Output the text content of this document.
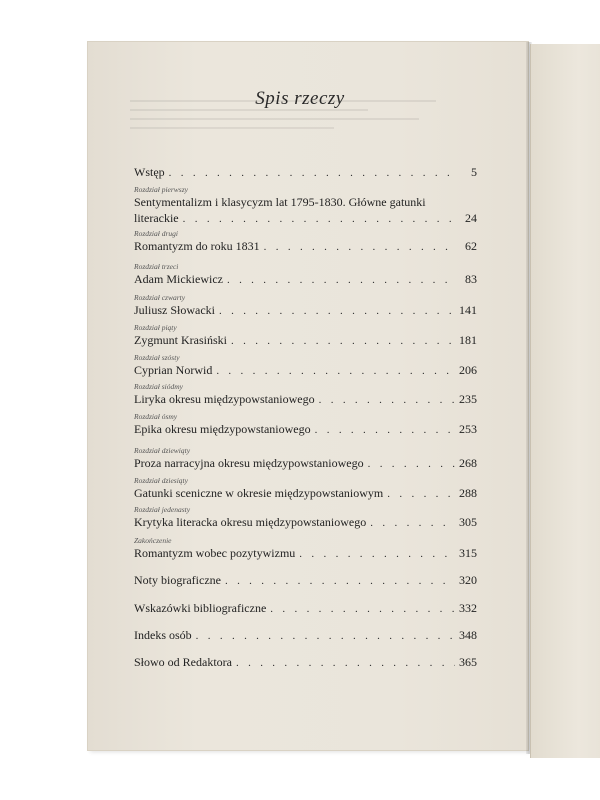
Spis rzeczy
Wstęp . . .	5
Rozdział pierwszy
Sentymentalizm i klasycyzm lat 1795-1830. Główne gatunki
literackie . . .	24
Rozdział drugi
Romantyzm do roku 1831 . . .	62
Rozdział trzeci
Adam Mickiewicz . . .	83
Rozdział czwarty
Juliusz Słowacki . . .	141
Rozdział piąty
Zygmunt Krasiński . . .	181
Rozdział szósty
Cyprian Norwid . . .	206
Rozdział siódmy
Liryka okresu międzypowstaniowego . . .	235
Rozdział ósmy
Epika okresu międzypowstaniowego . . .	253
Rozdział dziewiąty
Proza narracyjna okresu międzypowstaniowego . . .	268
Rozdział dziesiąty
Gatunki sceniczne w okresie międzypowstaniowym . . .	288
Rozdział jedenasty
Krytyka literacka okresu międzypowstaniowego . . .	305
Zakończenie
Romantyzm wobec pozytywizmu . . .	315
Noty biograficzne . . .	320
Wskazówki bibliograficzne . . .	332
Indeks osób . . .	348
Słowo od Redaktora . . .	365
